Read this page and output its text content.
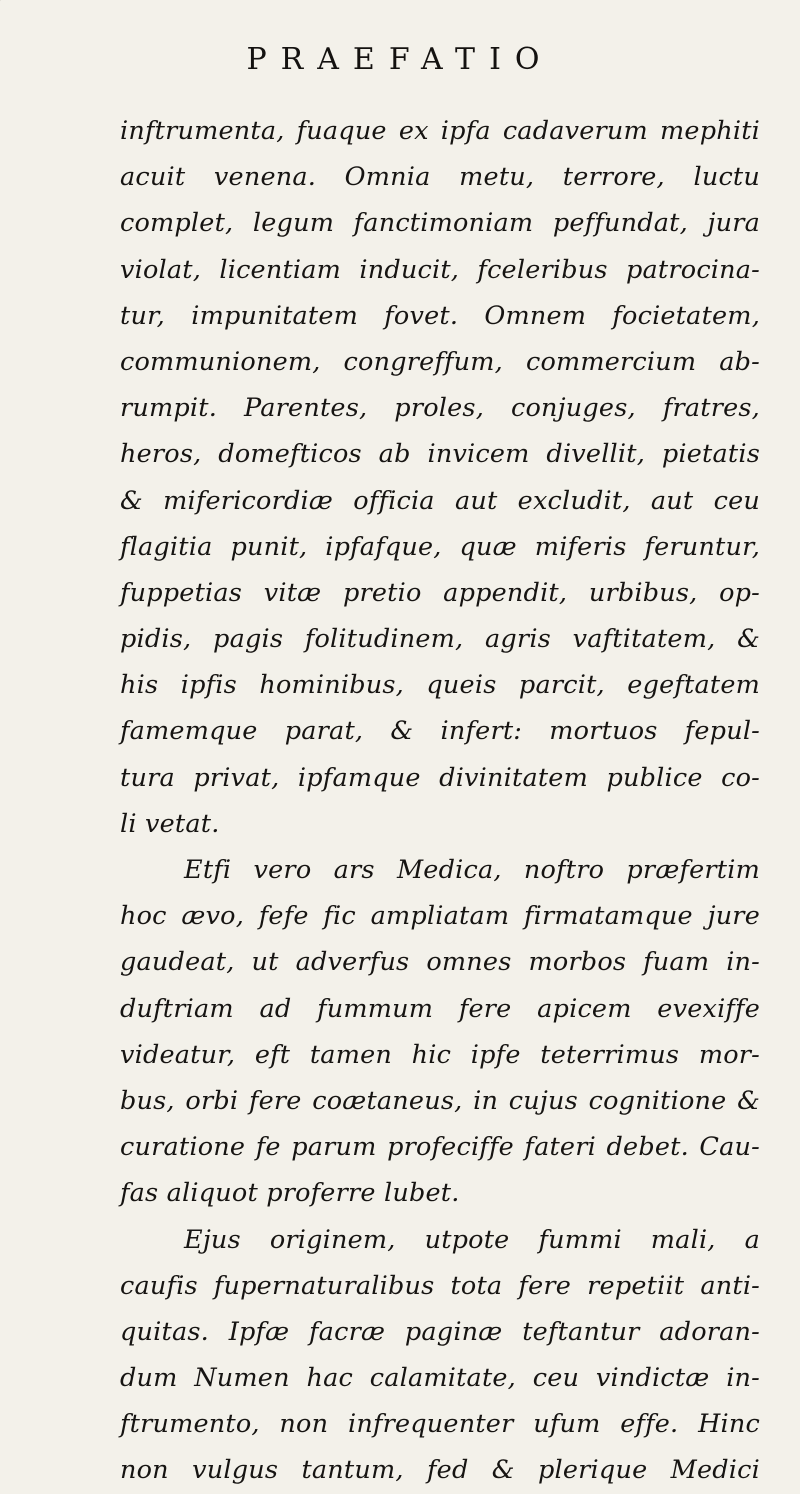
PRAEFATIO
inftrumenta, fuaque ex ipfa cadaverum mephiti
acuit venena. Omnia metu, terrore, luctu
complet, legum fanctimoniam peffundat, jura
violat, licentiam inducit, fceleribus patrocina-
tur, impunitatem fovet. Omnem focietatem,
communionem, congreffum, commercium ab-
rumpit. Parentes, proles, conjuges, fratres,
heros, domefticos ab invicem divellit, pietatis
& mifericordiæ officia aut excludit, aut ceu
flagitia punit, ipfafque, quæ miferis feruntur,
fuppetias vitæ pretio appendit, urbibus, op-
pidis, pagis folitudinem, agris vaftitatem, &
his ipfis hominibus, queis parcit, egeftatem
famemque parat, & infert: mortuos fepul-
tura privat, ipfamque divinitatem publice co-
li vetat.
Etfi vero ars Medica, noftro præfertim
hoc ævo, fefe fic ampliatam firmatamque jure
gaudeat, ut adverfus omnes morbos fuam in-
duftriam ad fummum fere apicem evexiffe
videatur, eft tamen hic ipfe teterrimus mor-
bus, orbi fere coætaneus, in cujus cognitione &
curatione fe parum profeciffe fateri debet. Cau-
fas aliquot proferre lubet.
Ejus originem, utpote fummi mali, a
caufis fupernaturalibus tota fere repetiit anti-
quitas. Ipfæ facræ paginæ teftantur adoran-
dum Numen hac calamitate, ceu vindictæ in-
ftrumento, non infrequenter ufum effe. Hinc
non vulgus tantum, fed & plerique Medici
